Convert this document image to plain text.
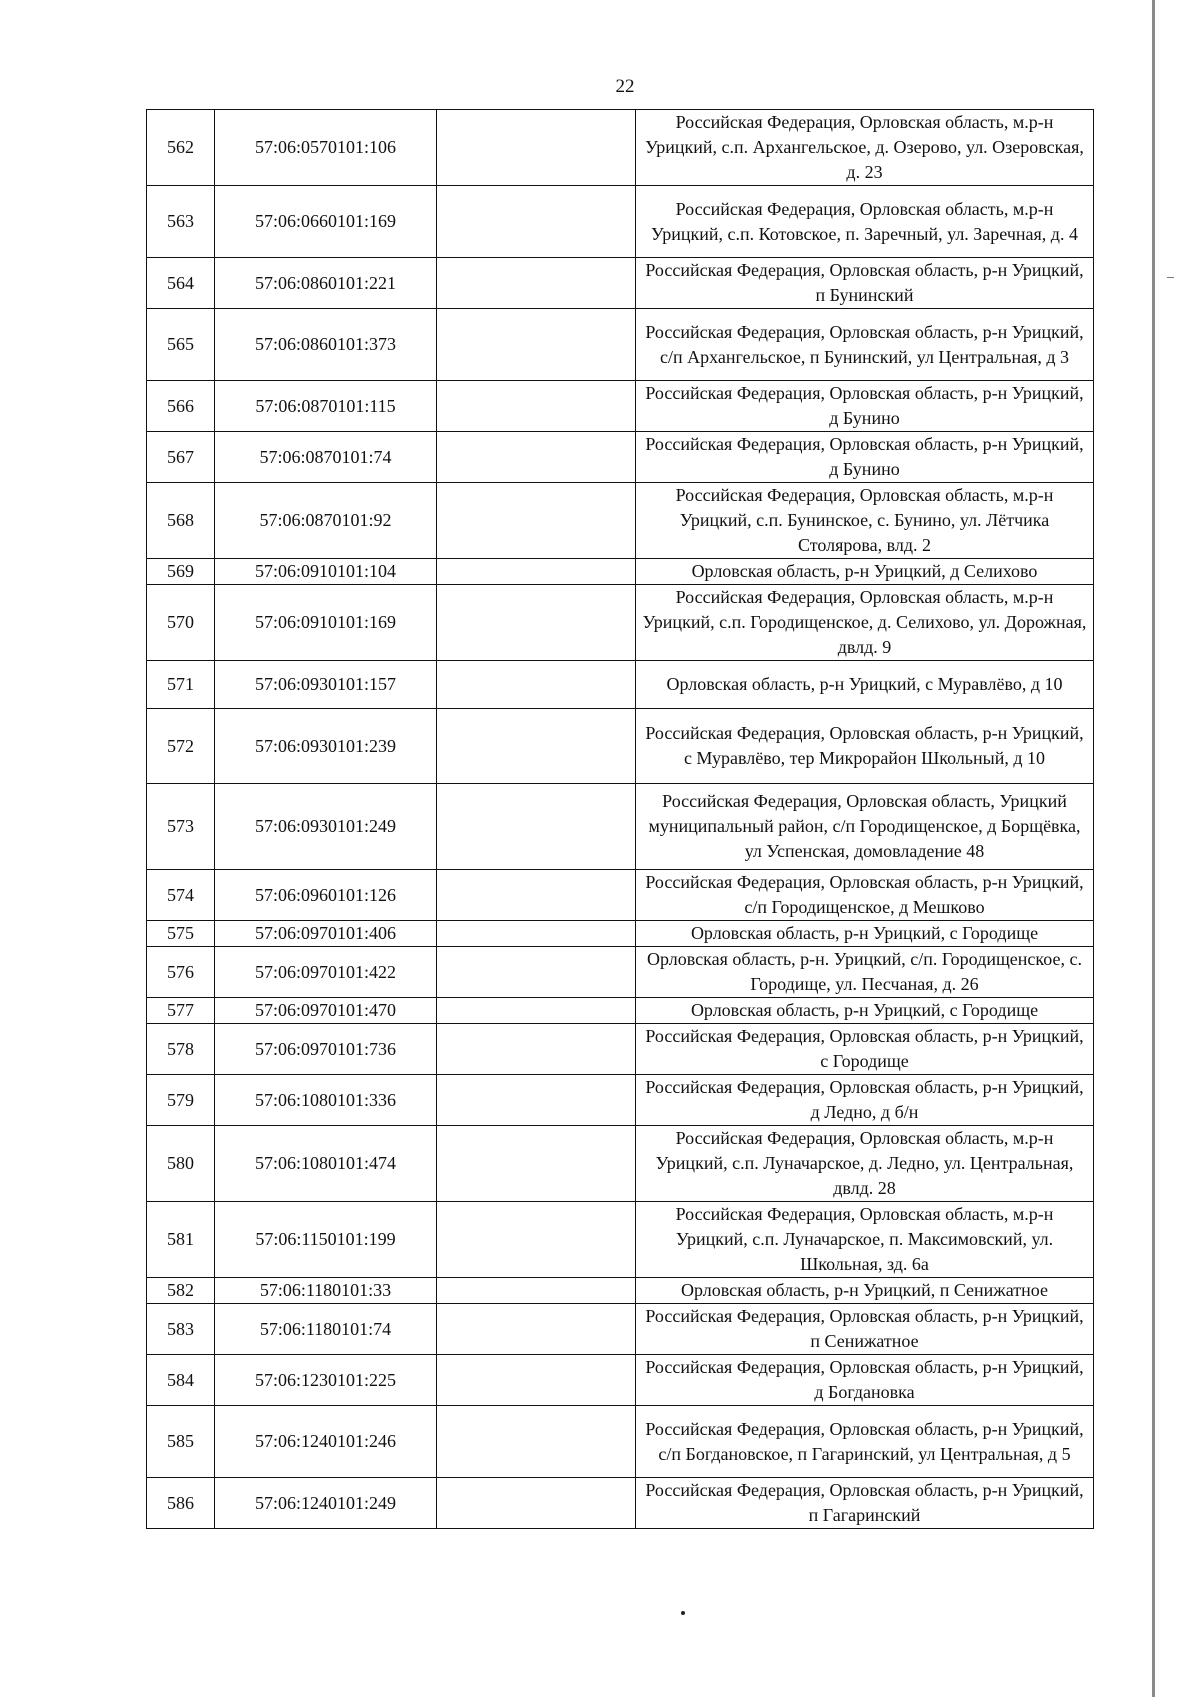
22
562	57:06:0570101:106		Российская Федерация, Орловская область, м.р-н Урицкий, с.п. Архангельское, д. Озерово, ул. Озеровская, д. 23
563	57:06:0660101:169		Российская Федерация, Орловская область, м.р-н Урицкий, с.п. Котовское, п. Заречный, ул. Заречная, д. 4
564	57:06:0860101:221		Российская Федерация, Орловская область, р-н Урицкий, п Бунинский
565	57:06:0860101:373		Российская Федерация, Орловская область, р-н Урицкий, с/п Архангельское, п Бунинский, ул Центральная, д 3
566	57:06:0870101:115		Российская Федерация, Орловская область, р-н Урицкий, д Бунино
567	57:06:0870101:74		Российская Федерация, Орловская область, р-н Урицкий, д Бунино
568	57:06:0870101:92		Российская Федерация, Орловская область, м.р-н Урицкий, с.п. Бунинское, с. Бунино, ул. Лётчика Столярова, влд. 2
569	57:06:0910101:104		Орловская область, р-н Урицкий, д Селихово
570	57:06:0910101:169		Российская Федерация, Орловская область, м.р-н Урицкий, с.п. Городищенское, д. Селихово, ул. Дорожная, двлд. 9
571	57:06:0930101:157		Орловская область, р-н Урицкий, с Муравлёво, д 10
572	57:06:0930101:239		Российская Федерация, Орловская область, р-н Урицкий, с Муравлёво, тер Микрорайон Школьный, д 10
573	57:06:0930101:249		Российская Федерация, Орловская область, Урицкий муниципальный район, с/п Городищенское, д Борщёвка, ул Успенская, домовладение 48
574	57:06:0960101:126		Российская Федерация, Орловская область, р-н Урицкий, с/п Городищенское, д Мешково
575	57:06:0970101:406		Орловская область, р-н Урицкий, с Городище
576	57:06:0970101:422		Орловская область, р-н. Урицкий, с/п. Городищенское, с. Городище, ул. Песчаная, д. 26
577	57:06:0970101:470		Орловская область, р-н Урицкий, с Городище
578	57:06:0970101:736		Российская Федерация, Орловская область, р-н Урицкий, с Городище
579	57:06:1080101:336		Российская Федерация, Орловская область, р-н Урицкий, д Ледно, д б/н
580	57:06:1080101:474		Российская Федерация, Орловская область, м.р-н Урицкий, с.п. Луначарское, д. Ледно, ул. Центральная, двлд. 28
581	57:06:1150101:199		Российская Федерация, Орловская область, м.р-н Урицкий, с.п. Луначарское, п. Максимовский, ул. Школьная, зд. 6а
582	57:06:1180101:33		Орловская область, р-н Урицкий, п Сенижатное
583	57:06:1180101:74		Российская Федерация, Орловская область, р-н Урицкий, п Сенижатное
584	57:06:1230101:225		Российская Федерация, Орловская область, р-н Урицкий, д Богдановка
585	57:06:1240101:246		Российская Федерация, Орловская область, р-н Урицкий, с/п Богдановское, п Гагаринский, ул Центральная, д 5
586	57:06:1240101:249		Российская Федерация, Орловская область, р-н Урицкий, п Гагаринский
